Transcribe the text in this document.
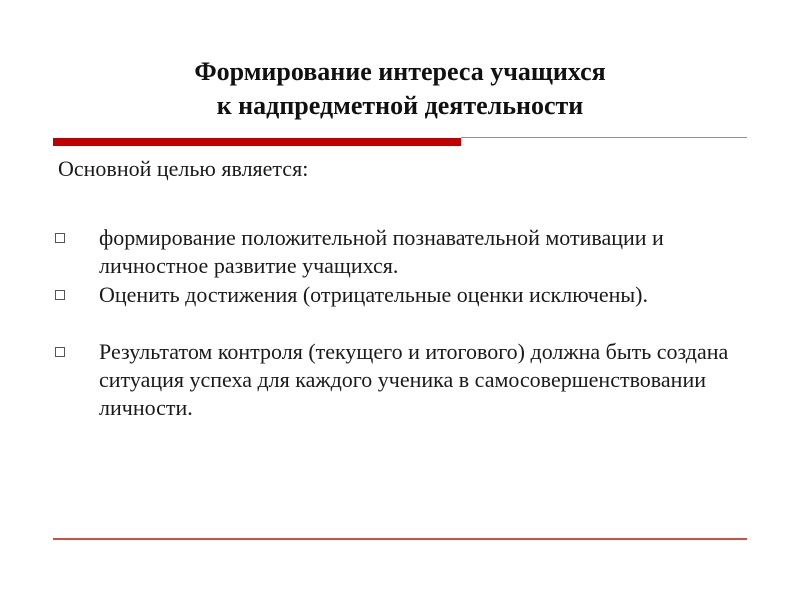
Формирование интереса учащихся
к надпредметной деятельности
Основной целью является:
формирование положительной познавательной мотивации и личностное развитие учащихся.
Оценить достижения (отрицательные оценки исключены).
Результатом контроля (текущего и итогового) должна быть создана ситуация успеха для каждого ученика в самосовершенствовании личности.
